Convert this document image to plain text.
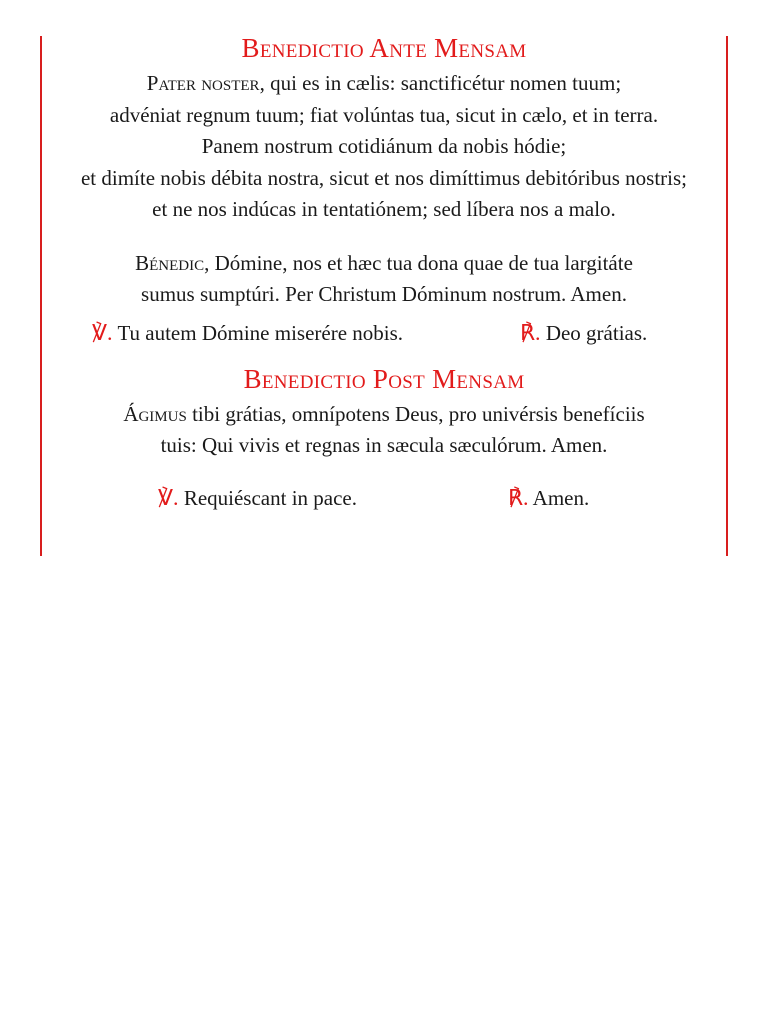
Benedictio Ante Mensam
Pater noster, qui es in cælis: sanctificétur nomen tuum;
advéniat regnum tuum; fiat volúntas tua, sicut in cælo, et in terra.
Panem nostrum cotidiánum da nobis hódie;
et dimíte nobis débita nostra, sicut et nos dimíttimus debitóribus nostris;
et ne nos indúcas in tentatiónem; sed líbera nos a malo.
Bénedic, Dómine, nos et hæc tua dona quae de tua largitáte
sumus sumptúri. Per Christum Dóminum nostrum. Amen.
℣. Tu autem Dómine miserére nobis.	℟. Deo grátias.
Benedictio Post Mensam
Ágimus tibi grátias, omnípotens Deus, pro univérsis benefíciis
tuis: Qui vivis et regnas in sæcula sæculórum. Amen.
℣. Requiéscant in pace.	℟. Amen.
